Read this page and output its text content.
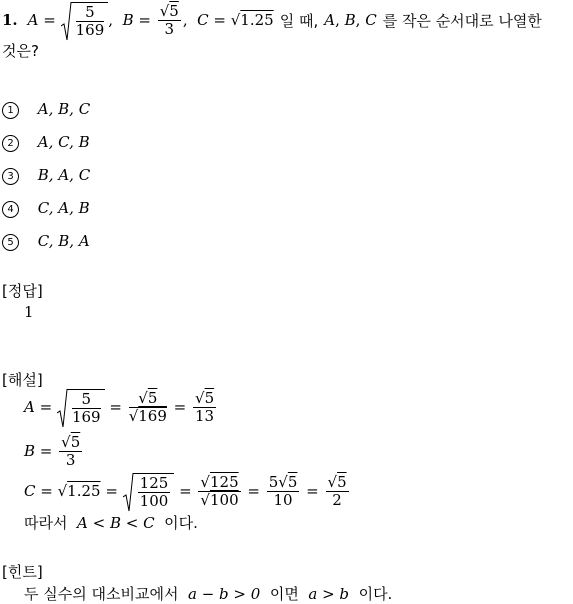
1. $A = \frac{5}{169}$ , $B = \frac{√5}{3}$ , C = √1.25 일 때, A , B , C 를 작은 순서대로 나열한
것은?
1 A, B, C
2 A, C, B
3 B, A, C
4 C, A, B
5 C, B, A
[정답]
1
[해설]
$A = \frac{5}{169} = \frac{√5}{√169} = \frac{√5}{13}$
$B = \frac{√5}{3}$
$C = √1.25 = \frac{125}{100} = \frac{√125}{√100} = \frac{5√5}{10} = \frac{√5}{2}$
따라서 A < B < C 이다.
[힌트]
두 실수의 대소비교에서 a − b > 0 이면 a > b 이다.
